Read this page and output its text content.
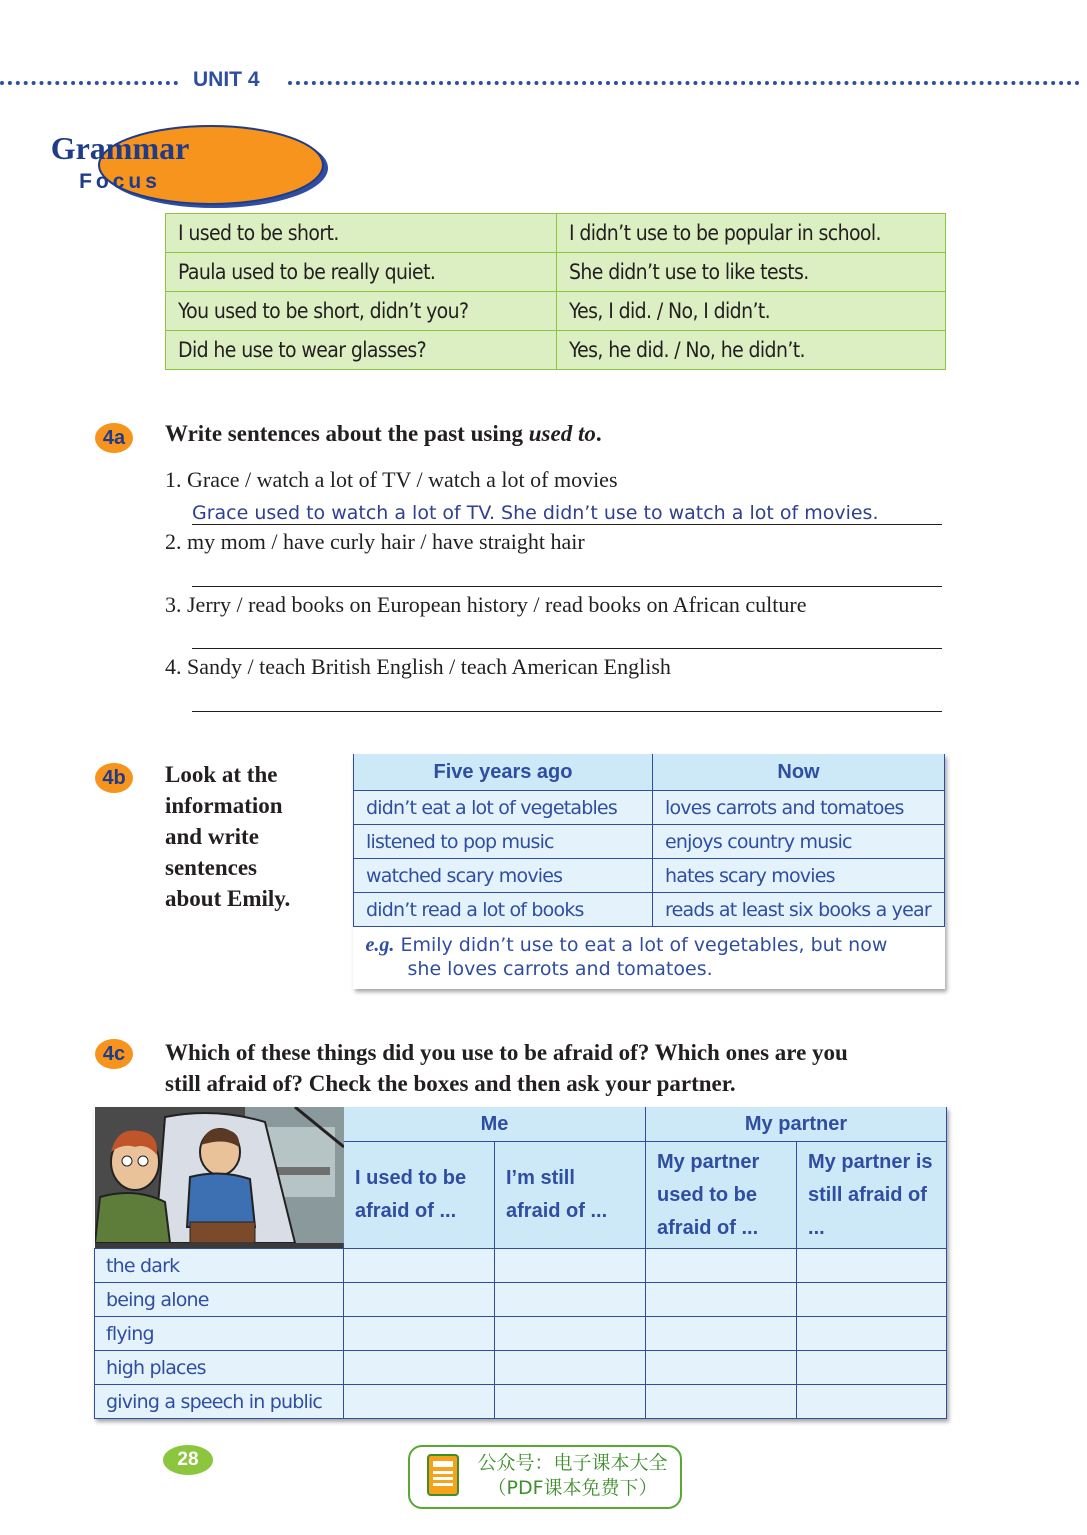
UNIT 4
Grammar
Focus
I used to be short.	I didn’t use to be popular in school.
Paula used to be really quiet.	She didn’t use to like tests.
You used to be short, didn’t you?	Yes, I did. / No, I didn’t.
Did he use to wear glasses?	Yes, he did. / No, he didn’t.
4a	Write sentences about the past using used to.
1. Grace / watch a lot of TV / watch a lot of movies
Grace used to watch a lot of TV. She didn’t use to watch a lot of movies.
2. my mom / have curly hair / have straight hair
3. Jerry / read books on European history / read books on African culture
4. Sandy / teach British English / teach American English
4b	Look at the
information
and write
sentences
about Emily.
Five years ago	Now
didn’t eat a lot of vegetables	loves carrots and tomatoes
listened to pop music	enjoys country music
watched scary movies	hates scary movies
didn’t read a lot of books	reads at least six books a year
e.g. Emily didn’t use to eat a lot of vegetables, but now
she loves carrots and tomatoes.	
4c	Which of these things did you use to be afraid of? Which ones are you
still afraid of? Check the boxes and then ask your partner.
	Me		My partner	
	I used to be afraid of ...	I’m still afraid of ...	My partner used to be afraid of ...	My partner is still afraid of ...
the dark				
being alone				
flying				
high places				
giving a speech in public				
28	公众号：电子课本大全
（PDF课本免费下）
